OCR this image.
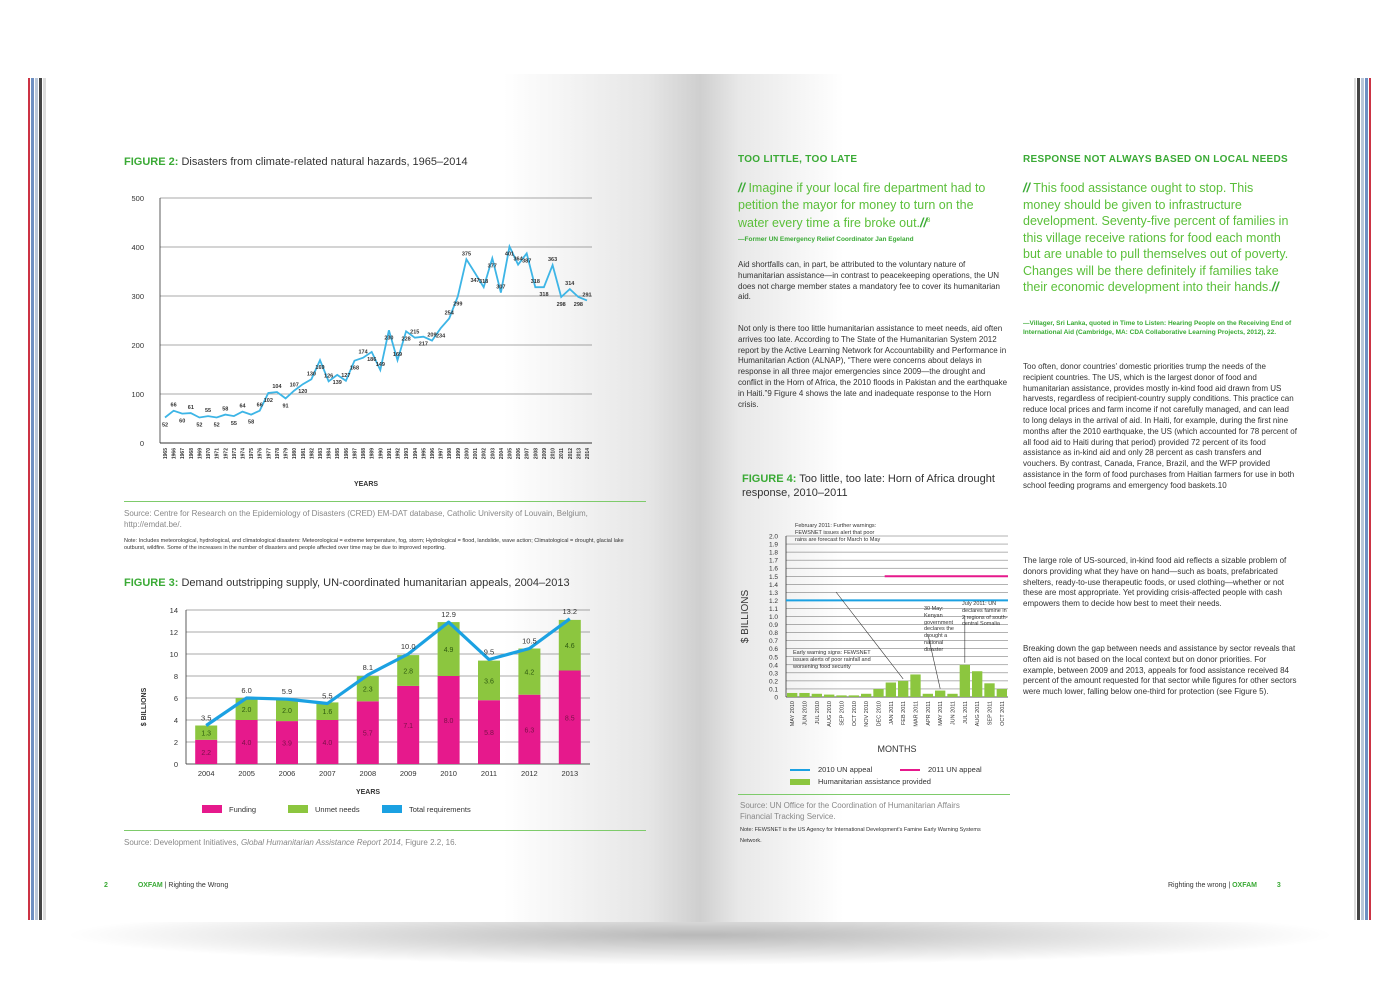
FIGURE 2: Disasters from climate-related natural hazards, 1965–2014
0
100
200
300
400
500
52
66
60
61
52
55
52
58
55
64
58
66
102
104
91
107
120
130
169
126
139
127
168
174
186
149
230
169
228
215
217
209 234
254
299
375
347 318
377
307
401
364 387
318
318
363
298
314
298
291
1965 1966 1967 1968 1969 1970 1971 1972 1973 1974 1975 1976 1977 1978 1979 1980 1981 1982 1983 1984 1985 1986 1987 1988 1989 1990 1991 1992 1993 1994 1995 1996 1997 1998 1999 2000 2001 2002 2003 2004 2005 2006 2007 2008 2009 2010 2011 2012 2013 2014
YEARS
Source: Centre for Research on the Epidemiology of Disasters (CRED) EM-DAT database, Catholic University of Louvain, Belgium, http://emdat.be/.
Note: Includes meteorological, hydrological, and climatological disasters: Meteorological = extreme temperature, fog, storm; Hydrological = flood, landslide, wave action; Climatological = drought, glacial lake outburst, wildfire. Some of the increases in the number of disasters and people affected over time may be due to improved reporting.
FIGURE 3: Demand outstripping supply, UN-coordinated humanitarian appeals, 2004–2013
0
2
4
6
8
10
12
14
$ BILLIONS
2.2
1.3
2004
4.0
2.0
2005
3.9
2.0
2006
4.0
1.6
2007
5.7
2.3
2008
7.1
2.8
2009
8.0
4.9
2010
5.8
3.6
2011
6.3
4.2
2012
8.5
4.6
2013
3.5
6.0	5.9	5.5
8.1
10.0
12.9
9.5
10.5
13.2
YEARS
Funding	Unmet needs	Total requirements
Source: Development Initiatives, Global Humanitarian Assistance Report 2014, Figure 2.2, 16.
2	OXFAM | Righting the Wrong
TOO LITTLE, TOO LATE
// Imagine if your local fire department had to petition the mayor for money to turn on the water every time a fire broke out.//$^8$
—Former UN Emergency Relief Coordinator Jan Egeland
Aid shortfalls can, in part, be attributed to the voluntary nature of humanitarian assistance—in contrast to peacekeeping operations, the UN does not charge member states a mandatory fee to cover its humanitarian aid.
Not only is there too little humanitarian assistance to meet needs, aid often arrives too late. According to The State of the Humanitarian System 2012 report by the Active Learning Network for Accountability and Performance in Humanitarian Action (ALNAP), “There were concerns about delays in response in all three major emergencies since 2009—the drought and conflict in the Horn of Africa, the 2010 floods in Pakistan and the earthquake in Haiti.”9 Figure 4 shows the late and inadequate response to the Horn crisis.
FIGURE 4: Too little, too late: Horn of Africa drought response, 2010–2011
0
0.1
0.2
0.3
0.4
0.5
0.6
0.7
0.8
0.9
1.0
1.1
1.2
1.3
1.4
1.5
1.6
1.7
1.8
1.9
2.0
$ BILLIONS
MAY 2010 JUN 2010 JUL 2010 AUG 2010 SEP 2010 OCT 2010 NOV 2010 DEC 2010 JAN 2011 FEB 2011 MAR 2011 APR 2011 MAY 2011 JUN 2011 JUL 2011 AUG 2011 SEP 2011 OCT 2011
MONTHS
February 2011: Further warnings: FEWSNET issues alert that poor rains are forecast for March to May
Early warning signs: FEWSNET issues alerts of poor rainfall and worsening food security
30 May: Kenyan government declares the drought a national disaster
July 2011: UN declares famine in 2 regions of south-central Somalia
2010 UN appeal	2011 UN appeal
Humanitarian assistance provided
Source: UN Office for the Coordination of Humanitarian Affairs Financial Tracking Service.
Note: FEWSNET is the US Agency for International Development's Famine Early Warning Systems Network.
RESPONSE NOT ALWAYS BASED ON LOCAL NEEDS
// This food assistance ought to stop. This money should be given to infrastructure development. Seventy-five percent of families in this village receive rations for food each month but are unable to pull themselves out of poverty. Changes will be there definitely if families take their economic development into their hands.//
—Villager, Sri Lanka, quoted in Time to Listen: Hearing People on the Receiving End of International Aid (Cambridge, MA: CDA Collaborative Learning Projects, 2012), 22.
Too often, donor countries' domestic priorities trump the needs of the recipient countries. The US, which is the largest donor of food and humanitarian assistance, provides mostly in-kind food aid drawn from US harvests, regardless of recipient-country supply conditions. This practice can reduce local prices and farm income if not carefully managed, and can lead to long delays in the arrival of aid. In Haiti, for example, during the first nine months after the 2010 earthquake, the US (which accounted for 78 percent of all food aid to Haiti during that period) provided 72 percent of its food assistance as in-kind aid and only 28 percent as cash transfers and vouchers. By contrast, Canada, France, Brazil, and the WFP provided assistance in the form of food purchases from Haitian farmers for use in both school feeding programs and emergency food baskets.10
The large role of US-sourced, in-kind food aid reflects a sizable problem of donors providing what they have on hand—such as boats, prefabricated shelters, ready-to-use therapeutic foods, or used clothing—whether or not these are most appropriate. Yet providing crisis-affected people with cash empowers them to decide how best to meet their needs.
Breaking down the gap between needs and assistance by sector reveals that often aid is not based on the local context but on donor priorities. For example, between 2009 and 2013, appeals for food assistance received 84 percent of the amount requested for that sector while figures for other sectors were much lower, falling below one-third for protection (see Figure 5).
Righting the wrong | OXFAM	3
